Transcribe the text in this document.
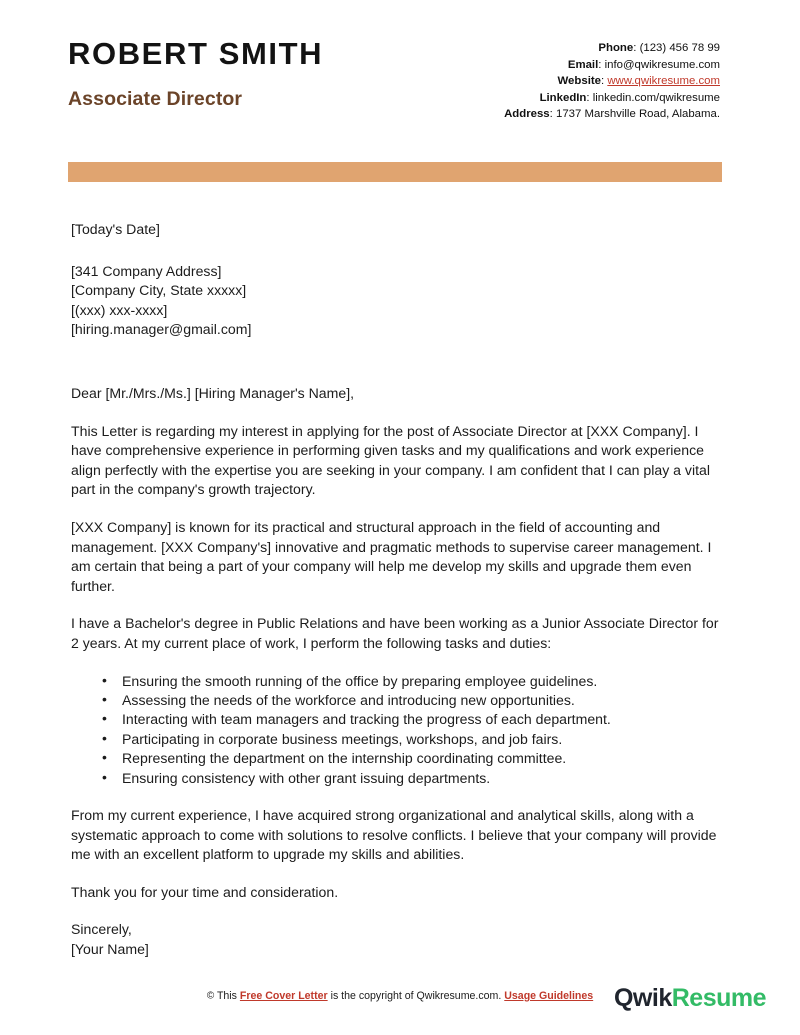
ROBERT SMITH
Associate Director
Phone: (123) 456 78 99
Email: info@qwikresume.com
Website: www.qwikresume.com
LinkedIn: linkedin.com/qwikresume
Address: 1737 Marshville Road, Alabama.

[Today's Date]

[341 Company Address]
[Company City, State xxxxx]
[(xxx) xxx-xxxx]
[hiring.manager@gmail.com]

Dear [Mr./Mrs./Ms.] [Hiring Manager's Name],

This Letter is regarding my interest in applying for the post of Associate Director at [XXX Company]. I have comprehensive experience in performing given tasks and my qualifications and work experience align perfectly with the expertise you are seeking in your company. I am confident that I can play a vital part in the company's growth trajectory.

[XXX Company] is known for its practical and structural approach in the field of accounting and management. [XXX Company's] innovative and pragmatic methods to supervise career management. I am certain that being a part of your company will help me develop my skills and upgrade them even further.

I have a Bachelor's degree in Public Relations and have been working as a Junior Associate Director for 2 years. At my current place of work, I perform the following tasks and duties:

• Ensuring the smooth running of the office by preparing employee guidelines.
• Assessing the needs of the workforce and introducing new opportunities.
• Interacting with team managers and tracking the progress of each department.
• Participating in corporate business meetings, workshops, and job fairs.
• Representing the department on the internship coordinating committee.
• Ensuring consistency with other grant issuing departments.

From my current experience, I have acquired strong organizational and analytical skills, along with a systematic approach to come with solutions to resolve conflicts. I believe that your company will provide me with an excellent platform to upgrade my skills and abilities.

Thank you for your time and consideration.

Sincerely,
[Your Name]
© This Free Cover Letter is the copyright of Qwikresume.com. Usage Guidelines QwikResume
